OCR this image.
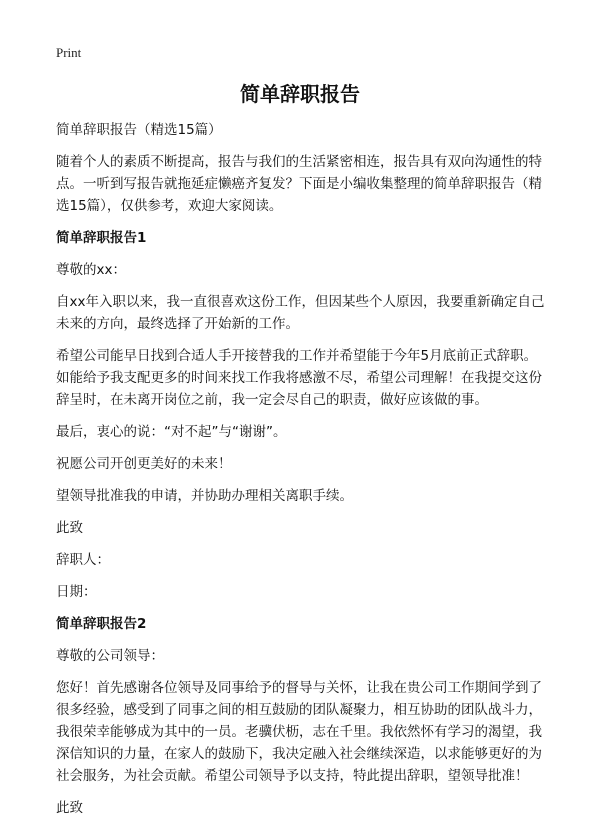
Print
简单辞职报告

简单辞职报告（精选15篇）

随着个人的素质不断提高，报告与我们的生活紧密相连，报告具有双向沟通性的特点。一听到写报告就拖延症懒癌齐复发？下面是小编收集整理的简单辞职报告（精选15篇），仅供参考，欢迎大家阅读。

简单辞职报告1

尊敬的xx：

自xx年入职以来，我一直很喜欢这份工作，但因某些个人原因，我要重新确定自己未来的方向，最终选择了开始新的工作。

希望公司能早日找到合适人手开接替我的工作并希望能于今年5月底前正式辞职。如能给予我支配更多的时间来找工作我将感激不尽，希望公司理解！在我提交这份辞呈时，在未离开岗位之前，我一定会尽自己的职责，做好应该做的事。

最后，衷心的说：“对不起”与“谢谢”。

祝愿公司开创更美好的未来！

望领导批准我的申请，并协助办理相关离职手续。

此致

辞职人：

日期：

简单辞职报告2

尊敬的公司领导：

您好！首先感谢各位领导及同事给予的督导与关怀，让我在贵公司工作期间学到了很多经验，感受到了同事之间的相互鼓励的团队凝聚力，相互协助的团队战斗力，我很荣幸能够成为其中的一员。老骥伏枥，志在千里。我依然怀有学习的渴望，我深信知识的力量，在家人的鼓励下，我决定融入社会继续深造，以求能够更好的为社会服务，为社会贡献。希望公司领导予以支持，特此提出辞职，望领导批准！

此致
